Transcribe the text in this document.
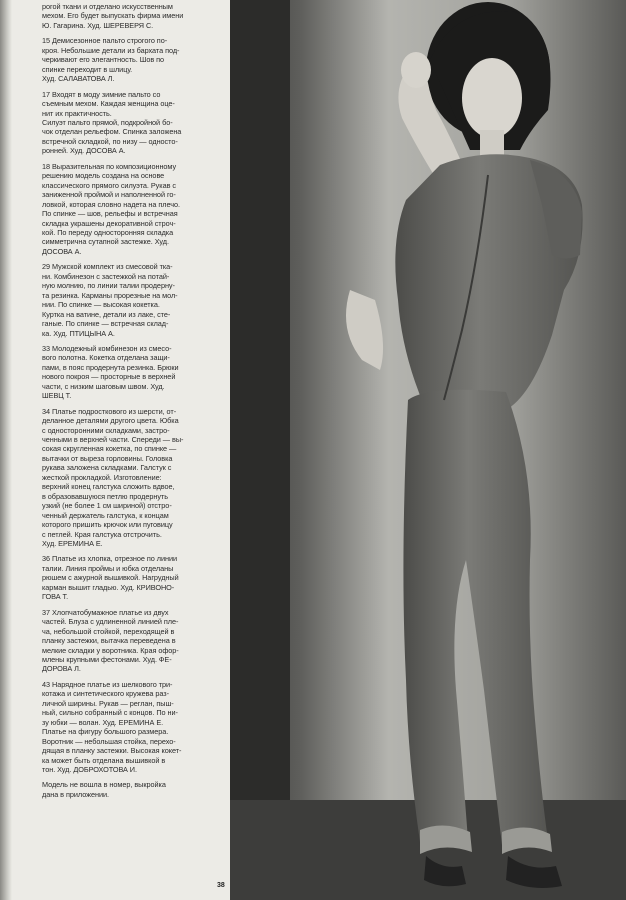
рогой ткани и отделано искусственным
мехом. Его будет выпускать фирма имени
Ю. Гагарина. Худ. ШЕРЕВЕРЯ С.
15 Демисезонное пальто строгого по-
кроя. Небольшие детали из бархата под-
черкивают его элегантность. Шов по
спинке переходит в шлицу.
Худ. САЛАВАТОВА Л.
17 Входят в моду зимние пальто со
съемным мехом. Каждая женщина оце-
нит их практичность.
Силуэт пальто прямой, подкройной бо-
чок отделан рельефом. Спинка заложена
встречной складкой, по низу — односто-
ронней. Худ. ДОСОВА А.
18 Выразительная по композиционному
решению модель создана на основе
классического прямого силуэта. Рукав с
заниженной проймой и наполненной го-
ловкой, которая словно надета на плечо.
По спинке — шов, рельефы и встречная
складка украшены декоративной строч-
кой. По переду односторонняя складка
симметрична сутапной застежке. Худ.
ДОСОВА А.
29 Мужской комплект из смесовой тка-
ни. Комбинезон с застежкой на потай-
ную молнию, по линии талии продерну-
та резинка. Карманы прорезные на мол-
нии. По спинке — высокая кокетка.
Куртка на ватине, детали из лаке, сте-
ганые. По спинке — встречная склад-
ка. Худ. ПТИЦЫНА А.
33 Молодежный комбинезон из смесо-
вого полотна. Кокетка отделана защи-
пами, в пояс продернута резинка. Брюки
нового покроя — просторные в верхней
части, с низким шаговым швом. Худ.
ШЕВЦ Т.
34 Платье подросткового из шерсти, от-
деланное деталями другого цвета. Юбка
с односторонними складками, застро-
ченными в верхней части. Спереди — вы-
сокая скругленная кокетка, по спинке —
вытачки от выреза горловины. Головка
рукава заложена складками. Галстук с
жесткой прокладкой. Изготовление:
верхний конец галстука сложить вдвое,
в образовавшуюся петлю продернуть
узкий (не более 1 см шириной) отстро-
ченный держатель галстука, к концам
которого пришить крючок или пуговицу
с петлей. Края галстука отстрочить.
Худ. ЕРЕМИНА Е.
36 Платье из хлопка, отрезное по линии
талии. Линия проймы и юбка отделаны
рюшем с ажурной вышивкой. Нагрудный
карман вышит гладью. Худ. КРИВОНО-
ГОВА Т.
37 Хлопчатобумажное платье из двух
частей. Блуза с удлиненной линией пле-
ча, небольшой стойкой, переходящей в
планку застежки, вытачка переведена в
мелкие складки у воротника. Края офор-
млены крупными фестонами. Худ. ФЕ-
ДОРОВА Л.
43 Нарядное платье из шелкового три-
котажа и синтетического кружева раз-
личной ширины. Рукав — реглан, пыш-
ный, сильно собранный с концов. По ни-
зу юбки — волан. Худ. ЕРЕМИНА Е.
Платье на фигуру большого размера.
Воротник — небольшая стойка, перехо-
дящая в планку застежки. Высокая кокет-
ка может быть отделана вышивкой в
тон. Худ. ДОБРОХОТОВА И.
Модель не вошла в номер, выкройка
дана в приложении.
38
